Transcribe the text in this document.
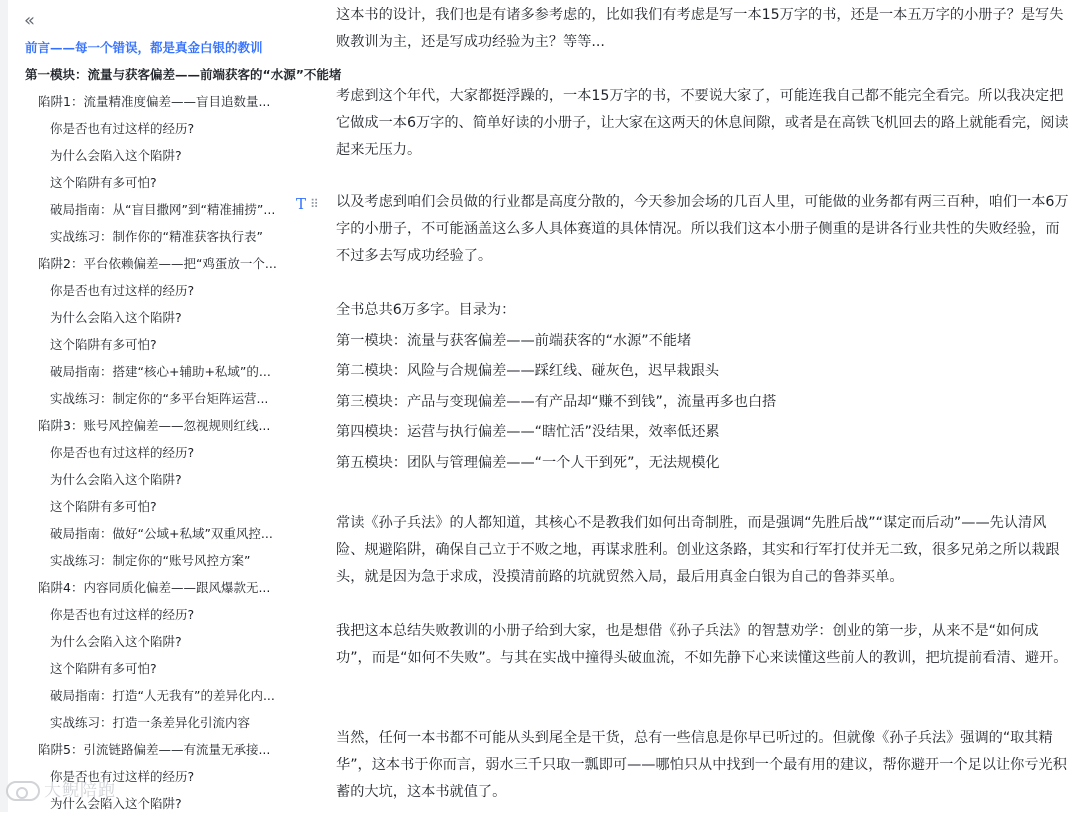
«
前言——每一个错误，都是真金白银的教训
第一模块：流量与获客偏差——前端获客的“水源”不能堵
陷阱1：流量精准度偏差——盲目追数量...
你是否也有过这样的经历?
为什么会陷入这个陷阱?
这个陷阱有多可怕?
破局指南：从“盲目撒网”到“精准捕捞”...
实战练习：制作你的“精准获客执行表”
陷阱2：平台依赖偏差——把“鸡蛋放一个...
你是否也有过这样的经历?
为什么会陷入这个陷阱?
这个陷阱有多可怕?
破局指南：搭建“核心+辅助+私域”的...
实战练习：制定你的“多平台矩阵运营...
陷阱3：账号风控偏差——忽视规则红线...
你是否也有过这样的经历?
为什么会陷入这个陷阱?
这个陷阱有多可怕?
破局指南：做好“公域+私域”双重风控...
实战练习：制定你的“账号风控方案”
陷阱4：内容同质化偏差——跟风爆款无...
你是否也有过这样的经历?
为什么会陷入这个陷阱?
这个陷阱有多可怕?
破局指南：打造“人无我有”的差异化内...
实战练习：打造一条差异化引流内容
陷阱5：引流链路偏差——有流量无承接...
你是否也有过这样的经历?
为什么会陷入这个陷阱?
大鲵陪跑
T ⠿

这本书的设计，我们也是有诸多参考虑的，比如我们有考虑是写一本15万字的书，还是一本五万字的小册子？是写失败教训为主，还是写成功经验为主？等等...

考虑到这个年代，大家都挺浮躁的，一本15万字的书，不要说大家了，可能连我自己都不能完全看完。所以我决定把它做成一本6万字的、简单好读的小册子，让大家在这两天的休息间隙，或者是在高铁飞机回去的路上就能看完，阅读起来无压力。

以及考虑到咱们会员做的行业都是高度分散的，今天参加会场的几百人里，可能做的业务都有两三百种，咱们一本6万字的小册子，不可能涵盖这么多人具体赛道的具体情况。所以我们这本小册子侧重的是讲各行业共性的失败经验，而不过多去写成功经验了。

全书总共6万多字。目录为：

第一模块：流量与获客偏差——前端获客的“水源”不能堵

第二模块：风险与合规偏差——踩红线、碰灰色，迟早栽跟头

第三模块：产品与变现偏差——有产品却“赚不到钱”，流量再多也白搭

第四模块：运营与执行偏差——“瞎忙活”没结果，效率低还累

第五模块：团队与管理偏差——“一个人干到死”，无法规模化

常读《孙子兵法》的人都知道，其核心不是教我们如何出奇制胜，而是强调“先胜后战”“谋定而后动”——先认清风险、规避陷阱，确保自己立于不败之地，再谋求胜利。创业这条路，其实和行军打仗并无二致，很多兄弟之所以栽跟头，就是因为急于求成，没摸清前路的坑就贸然入局，最后用真金白银为自己的鲁莽买单。

我把这本总结失败教训的小册子给到大家，也是想借《孙子兵法》的智慧劝学：创业的第一步，从来不是“如何成功”，而是“如何不失败”。与其在实战中撞得头破血流，不如先静下心来读懂这些前人的教训，把坑提前看清、避开。

当然，任何一本书都不可能从头到尾全是干货，总有一些信息是你早已听过的。但就像《孙子兵法》强调的“取其精华”，这本书于你而言，弱水三千只取一瓢即可——哪怕只从中找到一个最有用的建议，帮你避开一个足以让你亏光积蓄的大坑，这本书就值了。
